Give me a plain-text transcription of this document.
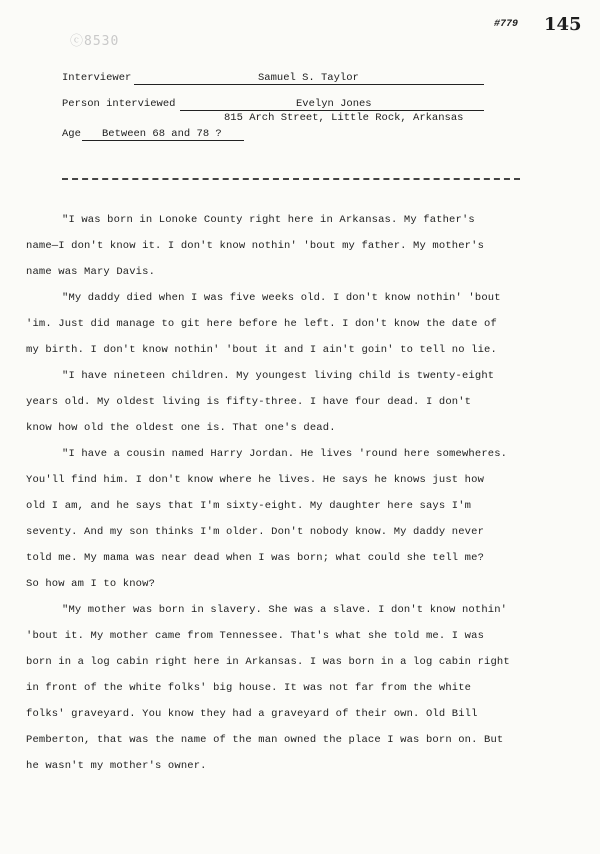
ⓒ8530
#779 145
Interviewer	Samuel S. Taylor
Person interviewed	Evelyn Jones
815 Arch Street, Little Rock, Arkansas
Age Between 68 and 78 ?
"I was born in Lonoke County right here in Arkansas. My father's
name—I don't know it. I don't know nothin' 'bout my father. My mother's
name was Mary Davis.
"My daddy died when I was five weeks old. I don't know nothin' 'bout
'im. Just did manage to git here before he left. I don't know the date of
my birth. I don't know nothin' 'bout it and I ain't goin' to tell no lie.
"I have nineteen children. My youngest living child is twenty-eight
years old. My oldest living is fifty-three. I have four dead. I don't
know how old the oldest one is. That one's dead.
"I have a cousin named Harry Jordan. He lives 'round here somewheres.
You'll find him. I don't know where he lives. He says he knows just how
old I am, and he says that I'm sixty-eight. My daughter here says I'm
seventy. And my son thinks I'm older. Don't nobody know. My daddy never
told me. My mama was near dead when I was born; what could she tell me?
So how am I to know?
"My mother was born in slavery. She was a slave. I don't know nothin'
'bout it. My mother came from Tennessee. That's what she told me. I was
born in a log cabin right here in Arkansas. I was born in a log cabin right
in front of the white folks' big house. It was not far from the white
folks' graveyard. You know they had a graveyard of their own. Old Bill
Pemberton, that was the name of the man owned the place I was born on. But
he wasn't my mother's owner.
